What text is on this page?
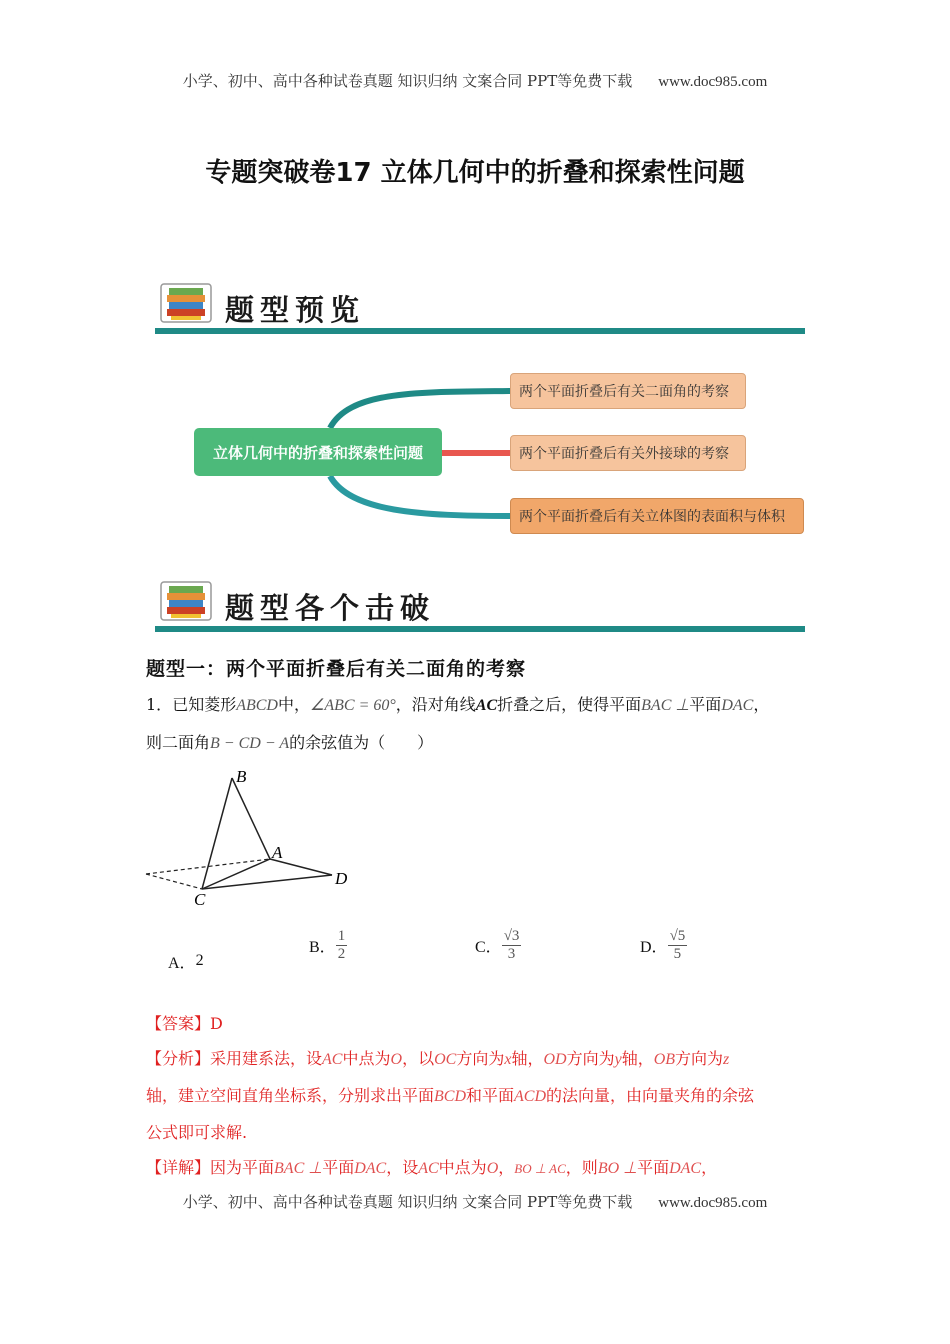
小学、初中、高中各种试卷真题 知识归纳 文案合同 PPT等免费下载 www.doc985.com
专题突破卷17 立体几何中的折叠和探索性问题
题型预览
立体几何中的折叠和探索性问题
两个平面折叠后有关二面角的考察
两个平面折叠后有关外接球的考察
两个平面折叠后有关立体图的表面积与体积
题型各个击破
题型一：两个平面折叠后有关二面角的考察
1．已知菱形ABCD中，∠ABC = 60°，沿对角线AC折叠之后，使得平面BAC ⊥平面DAC，
则二面角B − CD − A的余弦值为（　　）
B
A
C
D
A．2
B． $\frac{1}{2}$	C． $\frac{√3}{3}$	D． $\frac{√5}{5}$
【答案】D
【分析】采用建系法，设AC中点为O，以OC方向为x轴，OD方向为y轴，OB方向为z
轴，建立空间直角坐标系，分别求出平面BCD和平面ACD的法向量，由向量夹角的余弦
公式即可求解.
【详解】因为平面BAC ⊥平面DAC，设AC中点为O，BO ⊥ AC，则BO ⊥平面DAC，
小学、初中、高中各种试卷真题 知识归纳 文案合同 PPT等免费下载 www.doc985.com
